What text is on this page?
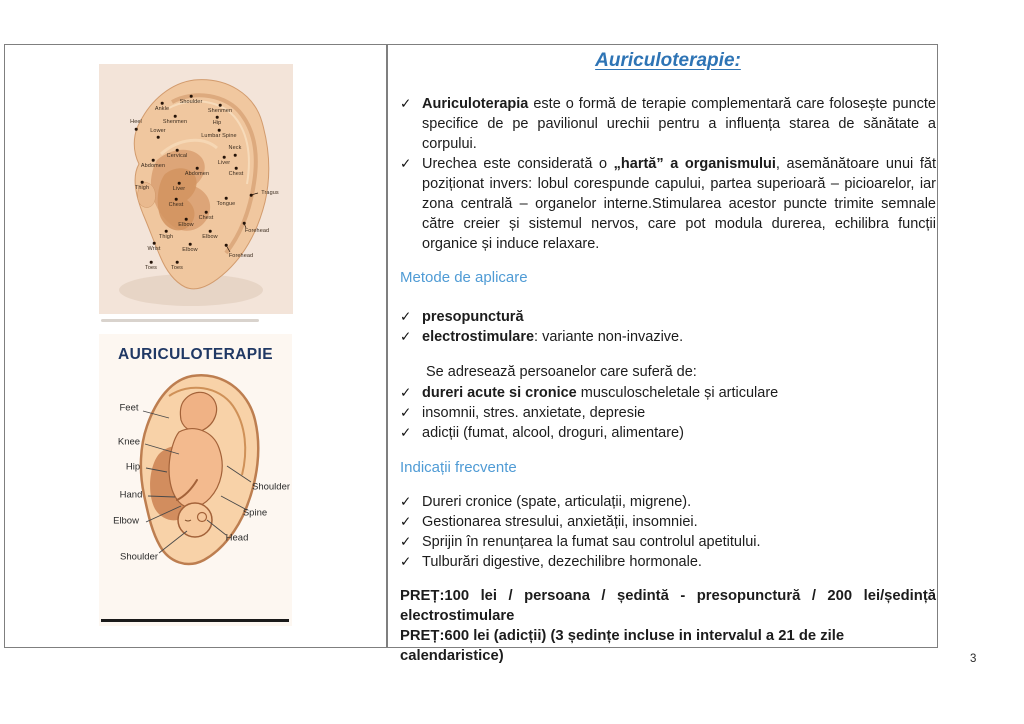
Shoulder
Ankle	Shenmen
Heel	Shenmen	Hip
Lower
Lumbar Spine
Neck
Cervical
Liver
Abdomen
Abdomen	Chest
Thigh	Liver
Tragus
Chest	Tongue
Chest
Elbow
Forehead
Thigh	Elbow
Wrist	Elbow
Forehead
Toes	Toes
AURICULOTERAPIE
Feet
Knee
Hip
Hand
Elbow
Shoulder
Shoulder
Spine
Head
Auriculoterapie:
✓ Auriculoterapia este o formă de terapie complementară care folosește puncte specifice de pe pavilionul urechii pentru a influența starea de sănătate a corpului.
✓ Urechea este considerată o „hartă” a organismului, asemănătoare unui făt poziționat invers: lobul corespunde capului, partea superioară – picioarelor, iar zona centrală – organelor interne.Stimularea acestor puncte trimite semnale către creier și sistemul nervos, care pot modula durerea, echilibra funcții organice și induce relaxare.
Metode de aplicare
✓ presopunctură
✓ electrostimulare: variante non-invazive.
Se adresează persoanelor care suferă de:
✓ dureri acute si cronice musculoscheletale și articulare
✓ insomnii, stres. anxietate, depresie
✓ adicții (fumat, alcool, droguri, alimentare)
Indicații frecvente
✓ Dureri cronice (spate, articulații, migrene).
✓ Gestionarea stresului, anxietății, insomniei.
✓ Sprijin în renunțarea la fumat sau controlul apetitului.
✓ Tulburări digestive, dezechilibre hormonale.
PREȚ:100 lei / persoana / ședintă - presopunctură / 200 lei/ședință
electrostimulare
PREȚ:600 lei (adicții) (3 ședințe incluse in intervalul a 21 de zile calendaristice)	3
